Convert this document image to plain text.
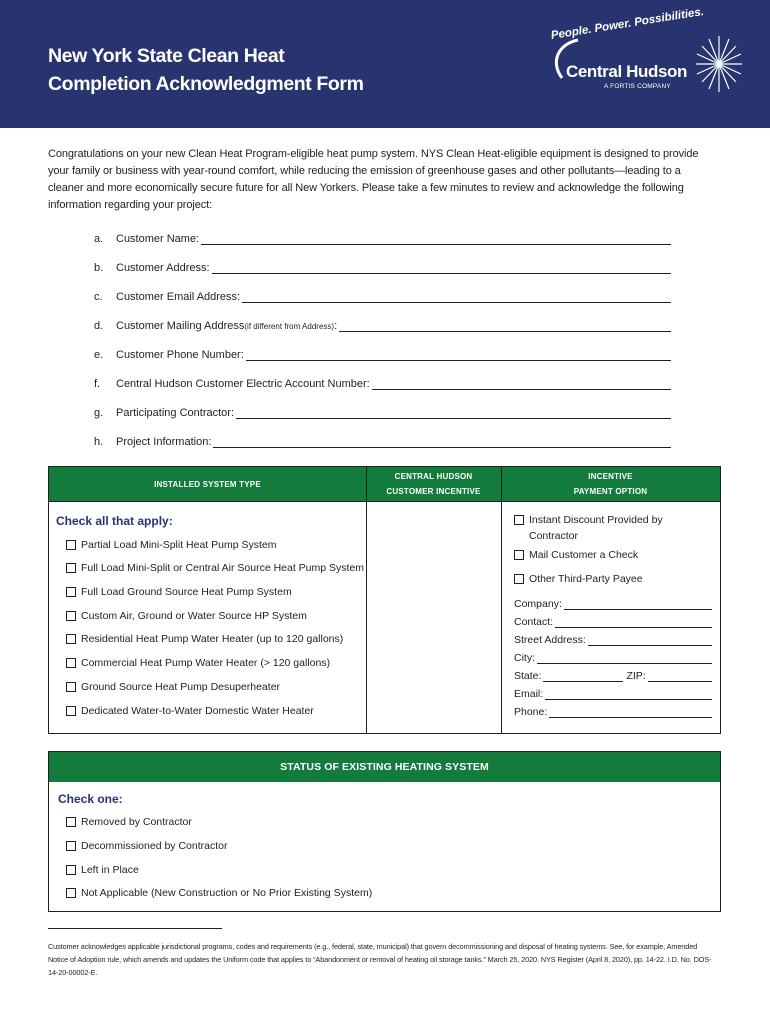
New York State Clean Heat
Completion Acknowledgment Form
People. Power. Possibilities.
Central Hudson
A FORTIS COMPANY
Congratulations on your new Clean Heat Program-eligible heat pump system. NYS Clean Heat-eligible equipment is designed to provide your family or business with year-round comfort, while reducing the emission of greenhouse gases and other pollutants—leading to a cleaner and more economically secure future for all New Yorkers. Please take a few minutes to review and acknowledge the following information regarding your project:
a.	Customer Name:
b.	Customer Address:
c.	Customer Email Address:
d.	Customer Mailing Address (if different from Address) :
e.	Customer Phone Number:
f.	Central Hudson Customer Electric Account Number:
g.	Participating Contractor:
h.	Project Information:
INSTALLED SYSTEM TYPE
CENTRAL HUDSON
CUSTOMER INCENTIVE
INCENTIVE
PAYMENT OPTION
Check all that apply:
Partial Load Mini-Split Heat Pump System
Full Load Mini-Split or Central Air Source Heat Pump System
Full Load Ground Source Heat Pump System
Custom Air, Ground or Water Source HP System
Residential Heat Pump Water Heater (up to 120 gallons)
Commercial Heat Pump Water Heater (> 120 gallons)
Ground Source Heat Pump Desuperheater
Dedicated Water-to-Water Domestic Water Heater
Instant Discount Provided by
Contractor
Mail Customer a Check
Other Third-Party Payee
Company:
Contact:
Street Address:
City:
State:	ZIP:
Email:
Phone:
STATUS OF EXISTING HEATING SYSTEM
Check one:
Removed by Contractor
Decommissioned by Contractor
Left in Place
Not Applicable (New Construction or No Prior Existing System)
Customer acknowledges applicable jurisdictional programs, codes and requirements (e.g., federal, state, municipal) that govern decommissioning and disposal of heating systems. See, for example, Amended Notice of Adoption rule, which amends and updates the Uniform code that applies to “Abandonment or removal of heating oil storage tanks.” March 25, 2020. NYS Register (April 8, 2020), pp. 14-22. I.D. No. DOS-14-20-00002-E.
